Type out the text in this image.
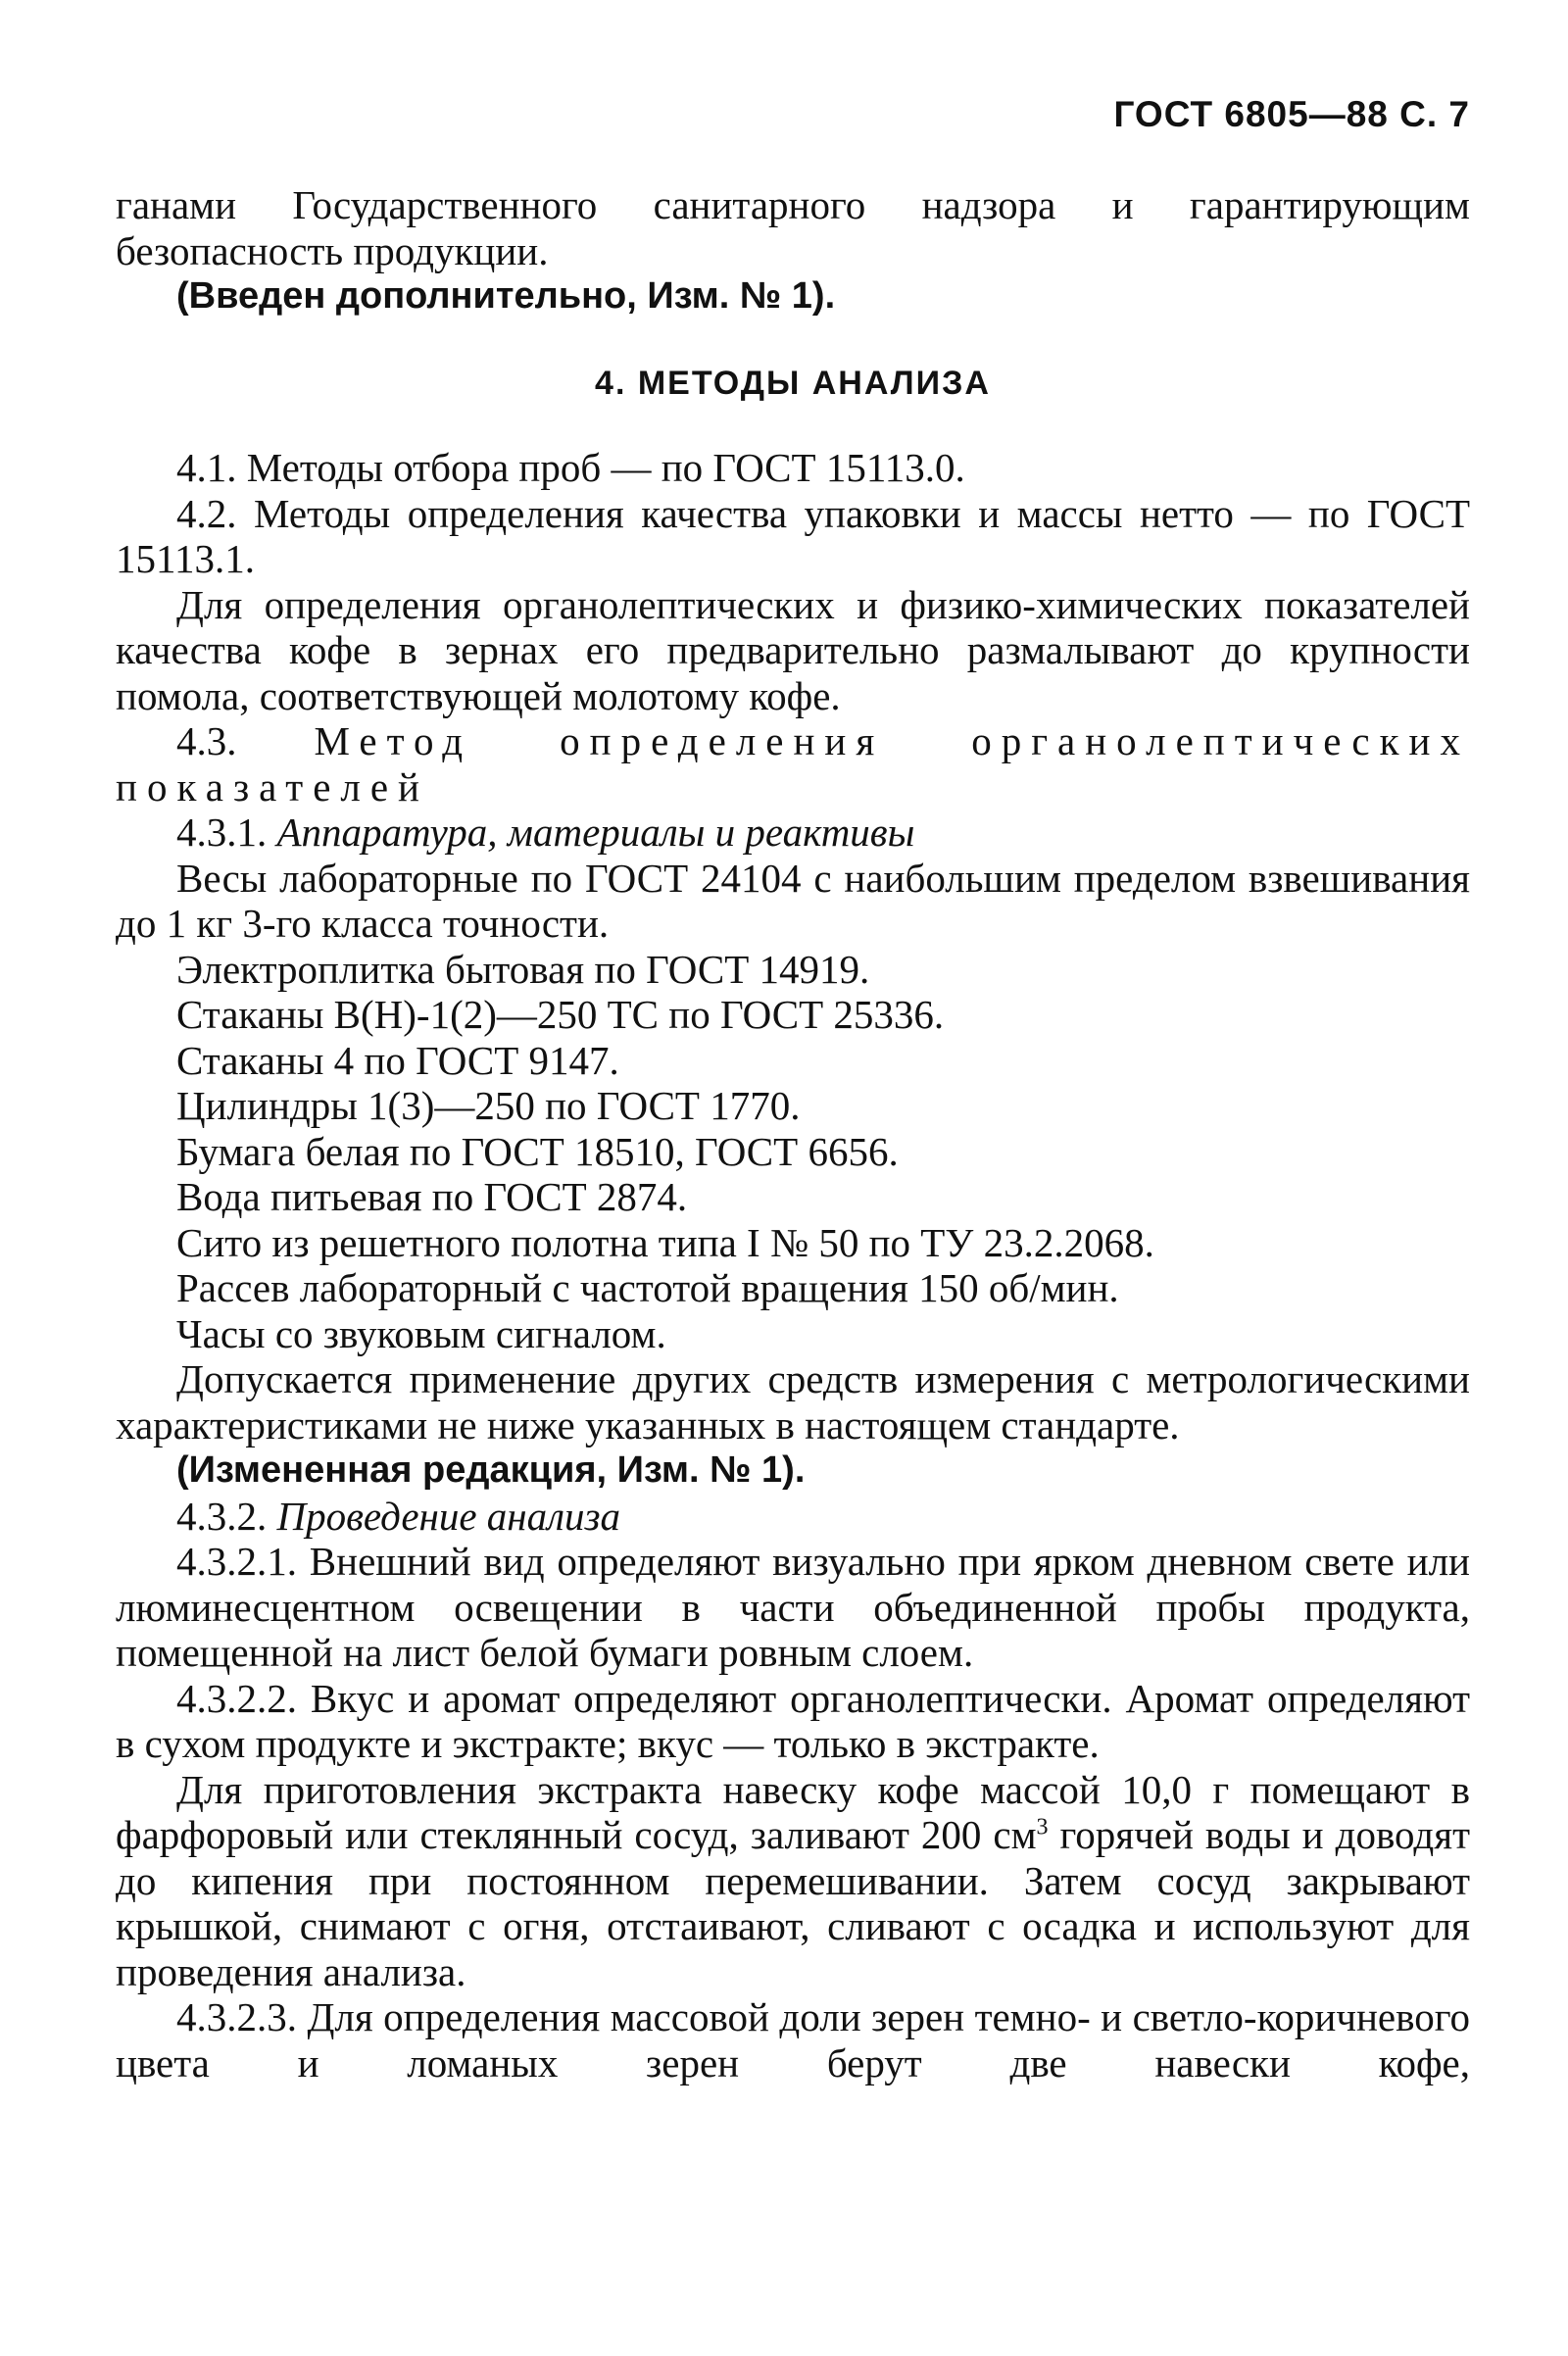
ГОСТ 6805—88 С. 7

ганами Государственного санитарного надзора и гарантирующим безопасность продукции.

(Введен дополнительно, Изм. № 1).

4. МЕТОДЫ АНАЛИЗА

4.1. Методы отбора проб — по ГОСТ 15113.0.

4.2. Методы определения качества упаковки и массы нетто — по ГОСТ 15113.1.

Для определения органолептических и физико-химических показателей качества кофе в зернах его предварительно размалывают до крупности помола, соответствующей молотому кофе.

4.3. Метод определения органолептических показателей

4.3.1. Аппаратура, материалы и реактивы

Весы лабораторные по ГОСТ 24104 с наибольшим пределом взвешивания до 1 кг 3-го класса точности.

Электроплитка бытовая по ГОСТ 14919.

Стаканы В(Н)-1(2)—250 ТС по ГОСТ 25336.

Стаканы 4 по ГОСТ 9147.

Цилиндры 1(3)—250 по ГОСТ 1770.

Бумага белая по ГОСТ 18510, ГОСТ 6656.

Вода питьевая по ГОСТ 2874.

Сито из решетного полотна типа I № 50 по ТУ 23.2.2068.

Рассев лабораторный с частотой вращения 150 об/мин.

Часы со звуковым сигналом.

Допускается применение других средств измерения с метрологическими характеристиками не ниже указанных в настоящем стандарте.

(Измененная редакция, Изм. № 1).

4.3.2. Проведение анализа

4.3.2.1. Внешний вид определяют визуально при ярком дневном свете или люминесцентном освещении в части объединенной пробы продукта, помещенной на лист белой бумаги ровным слоем.

4.3.2.2. Вкус и аромат определяют органолептически. Аромат определяют в сухом продукте и экстракте; вкус — только в экстракте.

Для приготовления экстракта навеску кофе массой 10,0 г помещают в фарфоровый или стеклянный сосуд, заливают 200 $см^3$ горячей воды и доводят до кипения при постоянном перемешивании. Затем сосуд закрывают крышкой, снимают с огня, отстаивают, сливают с осадка и используют для проведения анализа.

4.3.2.3. Для определения массовой доли зерен темно- и светло-коричневого цвета и ломаных зерен берут две навески кофе,
